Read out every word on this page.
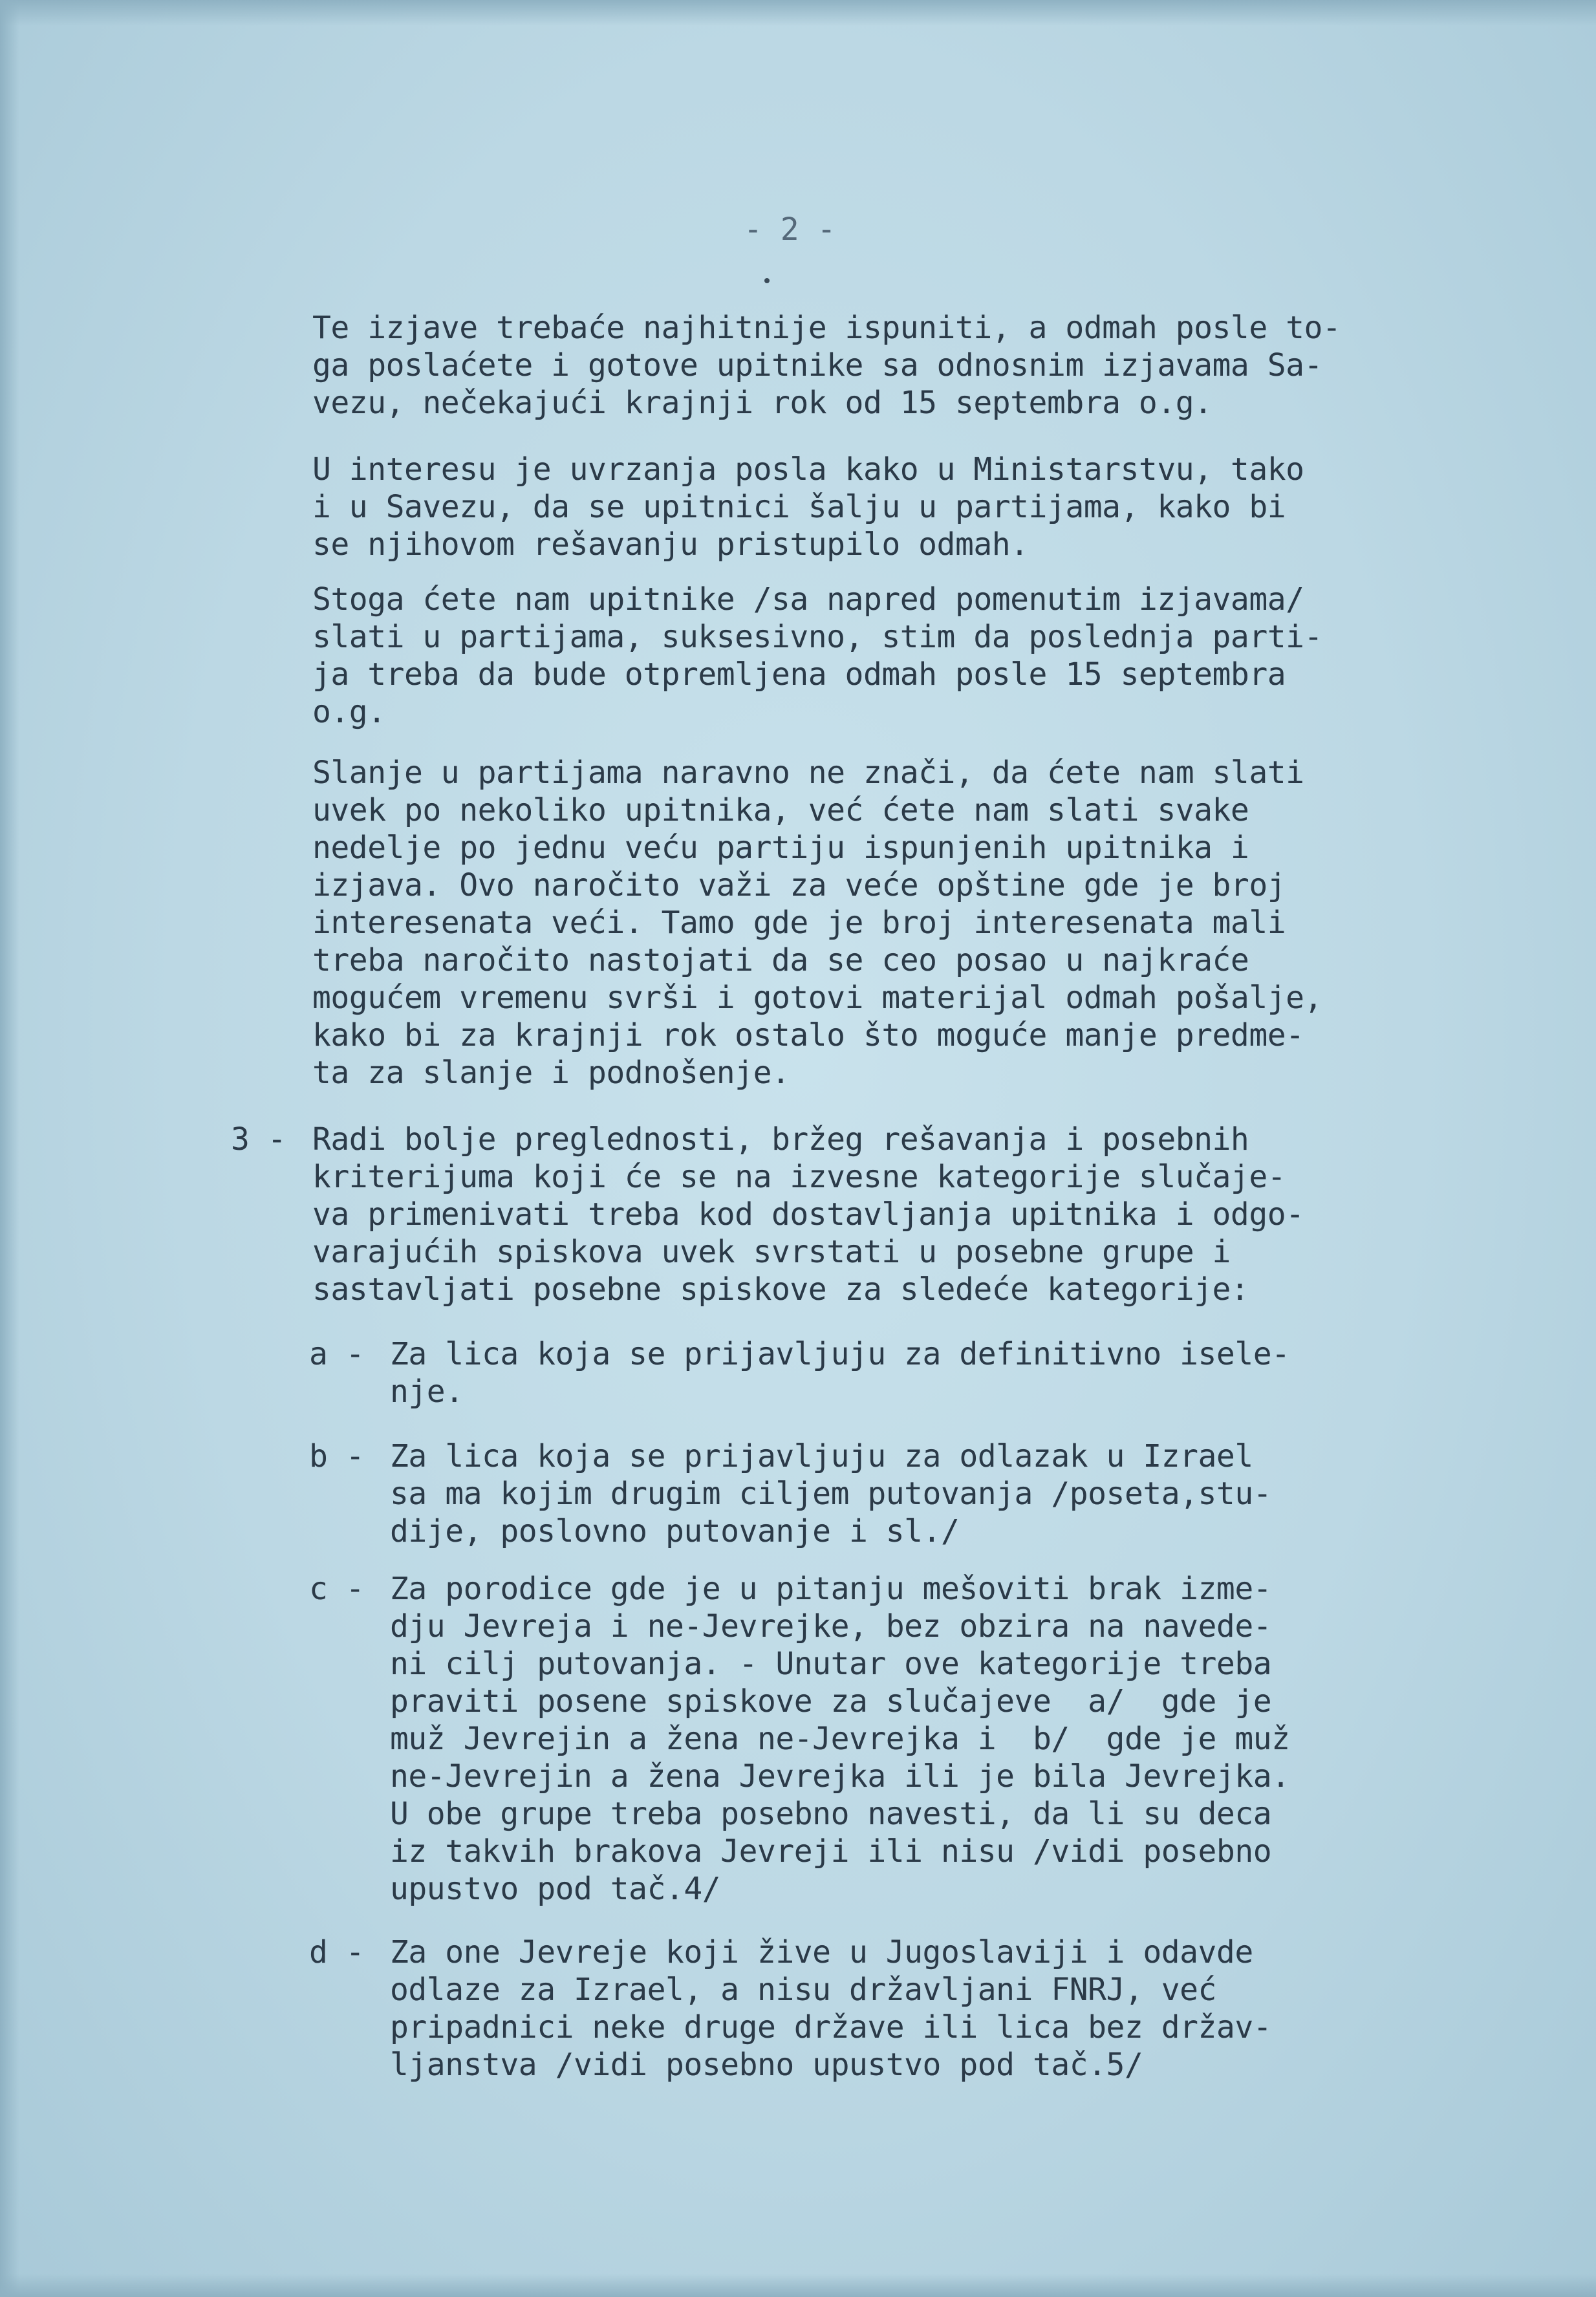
- 2 -
Te izjave trebaće najhitnije ispuniti, a odmah posle to-
ga poslaćete i gotove upitnike sa odnosnim izjavama Sa-
vezu, nečekajući krajnji rok od 15 septembra o.g.
U interesu je uvrzanja posla kako u Ministarstvu, tako
i u Savezu, da se upitnici šalju u partijama, kako bi
se njihovom rešavanju pristupilo odmah.
Stoga ćete nam upitnike /sa napred pomenutim izjavama/
slati u partijama, suksesivno, stim da poslednja parti-
ja treba da bude otpremljena odmah posle 15 septembra
o.g.
Slanje u partijama naravno ne znači, da ćete nam slati
uvek po nekoliko upitnika, već ćete nam slati svake
nedelje po jednu veću partiju ispunjenih upitnika i
izjava. Ovo naročito važi za veće opštine gde je broj
interesenata veći. Tamo gde je broj interesenata mali
treba naročito nastojati da se ceo posao u najkraće
mogućem vremenu svrši i gotovi materijal odmah pošalje,
kako bi za krajnji rok ostalo što moguće manje predme-
ta za slanje i podnošenje.
3 - Radi bolje preglednosti, bržeg rešavanja i posebnih
kriterijuma koji će se na izvesne kategorije slučaje-
va primenivati treba kod dostavljanja upitnika i odgo-
varajućih spiskova uvek svrstati u posebne grupe i
sastavljati posebne spiskove za sledeće kategorije:
a - Za lica koja se prijavljuju za definitivno isele-
nje.
b - Za lica koja se prijavljuju za odlazak u Izrael
sa ma kojim drugim ciljem putovanja /poseta,stu-
dije, poslovno putovanje i sl./
c - Za porodice gde je u pitanju mešoviti brak izme-
dju Jevreja i ne-Jevrejke, bez obzira na navede-
ni cilj putovanja. - Unutar ove kategorije treba
praviti posene spiskove za slučajeve  a/  gde je
muž Jevrejin a žena ne-Jevrejka i  b/  gde je muž
ne-Jevrejin a žena Jevrejka ili je bila Jevrejka.
U obe grupe treba posebno navesti, da li su deca
iz takvih brakova Jevreji ili nisu /vidi posebno
upustvo pod tač.4/
d - Za one Jevreje koji žive u Jugoslaviji i odavde
odlaze za Izrael, a nisu državljani FNRJ, već
pripadnici neke druge države ili lica bez držav-
ljanstva /vidi posebno upustvo pod tač.5/
